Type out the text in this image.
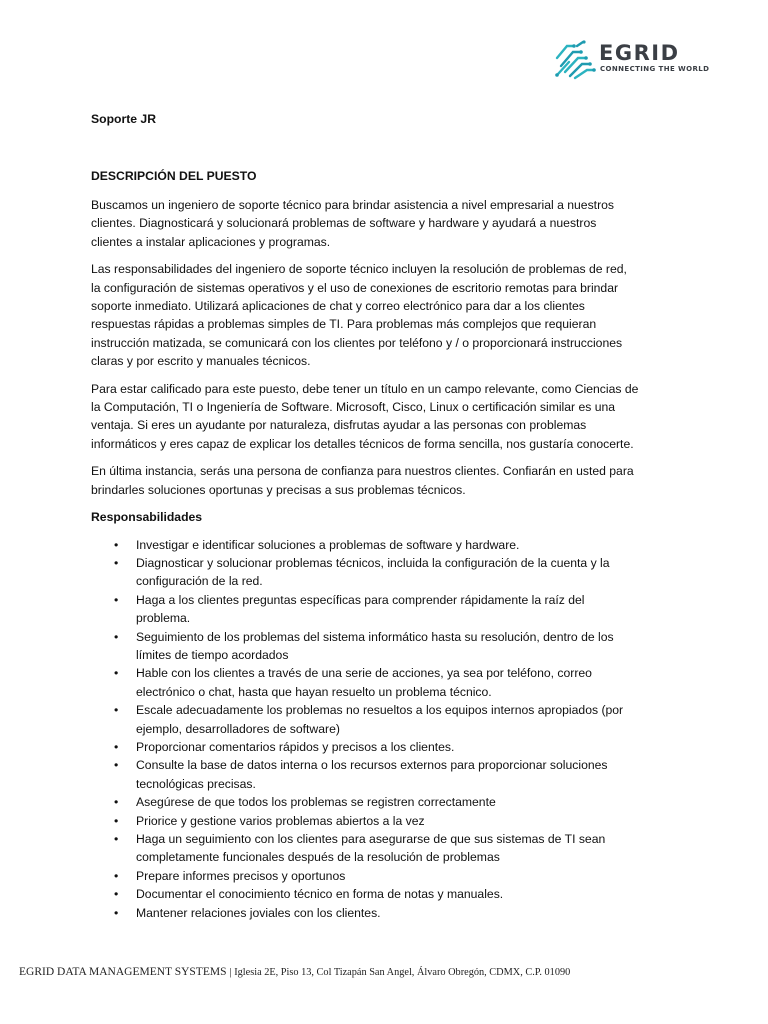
EGRID
CONNECTING THE WORLD

Soporte JR

DESCRIPCIÓN DEL PUESTO

Buscamos un ingeniero de soporte técnico para brindar asistencia a nivel empresarial a nuestros clientes. Diagnosticará y solucionará problemas de software y hardware y ayudará a nuestros clientes a instalar aplicaciones y programas.

Las responsabilidades del ingeniero de soporte técnico incluyen la resolución de problemas de red, la configuración de sistemas operativos y el uso de conexiones de escritorio remotas para brindar soporte inmediato. Utilizará aplicaciones de chat y correo electrónico para dar a los clientes respuestas rápidas a problemas simples de TI. Para problemas más complejos que requieran instrucción matizada, se comunicará con los clientes por teléfono y / o proporcionará instrucciones claras y por escrito y manuales técnicos.

Para estar calificado para este puesto, debe tener un título en un campo relevante, como Ciencias de la Computación, TI o Ingeniería de Software. Microsoft, Cisco, Linux o certificación similar es una ventaja. Si eres un ayudante por naturaleza, disfrutas ayudar a las personas con problemas informáticos y eres capaz de explicar los detalles técnicos de forma sencilla, nos gustaría conocerte.

En última instancia, serás una persona de confianza para nuestros clientes. Confiarán en usted para brindarles soluciones oportunas y precisas a sus problemas técnicos.

Responsabilidades

• Investigar e identificar soluciones a problemas de software y hardware.
• Diagnosticar y solucionar problemas técnicos, incluida la configuración de la cuenta y la configuración de la red.
• Haga a los clientes preguntas específicas para comprender rápidamente la raíz del problema.
• Seguimiento de los problemas del sistema informático hasta su resolución, dentro de los límites de tiempo acordados
• Hable con los clientes a través de una serie de acciones, ya sea por teléfono, correo electrónico o chat, hasta que hayan resuelto un problema técnico.
• Escale adecuadamente los problemas no resueltos a los equipos internos apropiados (por ejemplo, desarrolladores de software)
• Proporcionar comentarios rápidos y precisos a los clientes.
• Consulte la base de datos interna o los recursos externos para proporcionar soluciones tecnológicas precisas.
• Asegúrese de que todos los problemas se registren correctamente
• Priorice y gestione varios problemas abiertos a la vez
• Haga un seguimiento con los clientes para asegurarse de que sus sistemas de TI sean completamente funcionales después de la resolución de problemas
• Prepare informes precisos y oportunos
• Documentar el conocimiento técnico en forma de notas y manuales.
• Mantener relaciones joviales con los clientes.
EGRID DATA MANAGEMENT SYSTEMS | Iglesia 2E, Piso 13, Col Tizapán San Angel, Álvaro Obregón, CDMX, C.P. 01090
